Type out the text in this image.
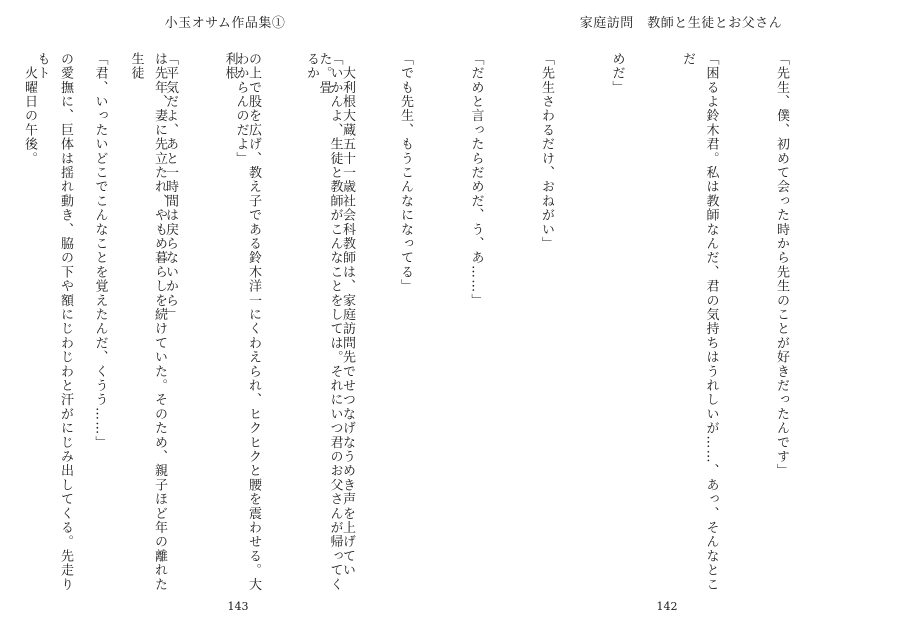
小玉オサム作品集①

　大利根大蔵五十一歳社会科教師は、家庭訪問先でせつなげなうめき声を上げていた。畳

の上で股を広げ、教え子である鈴木洋一にくわえられ、ヒクヒクと腰を震わせる。大利根

は先年、妻に先立たれ、やもめ暮らしを続けていた。そのため、親子ほど年の離れた生徒

の愛撫に、巨体は揺れ動き、脇の下や額にじわじわと汗がにじみ出してくる。先走りもト

143
家庭訪問　教師と生徒とお父さん

「先生、僕、初めて会った時から先生のことが好きだったんです」

「困るよ鈴木君。私は教師なんだ、君の気持ちはうれしいが……、あっ、そんなとこだ

めだ」

「先生さわるだけ、おねがい」

「だめと言ったらだめだ、う、あ……」

「でも先生、もうこんなになってる」

「いかんよ、生徒と教師がこんなことをしては。それにいつ君のお父さんが帰ってくるか

わからんのだよ」

「平気だよ、あと一時間は戻らないから」

「君、いったいどこでこんなことを覚えたんだ、くうう……」

　火曜日の午後。

142
